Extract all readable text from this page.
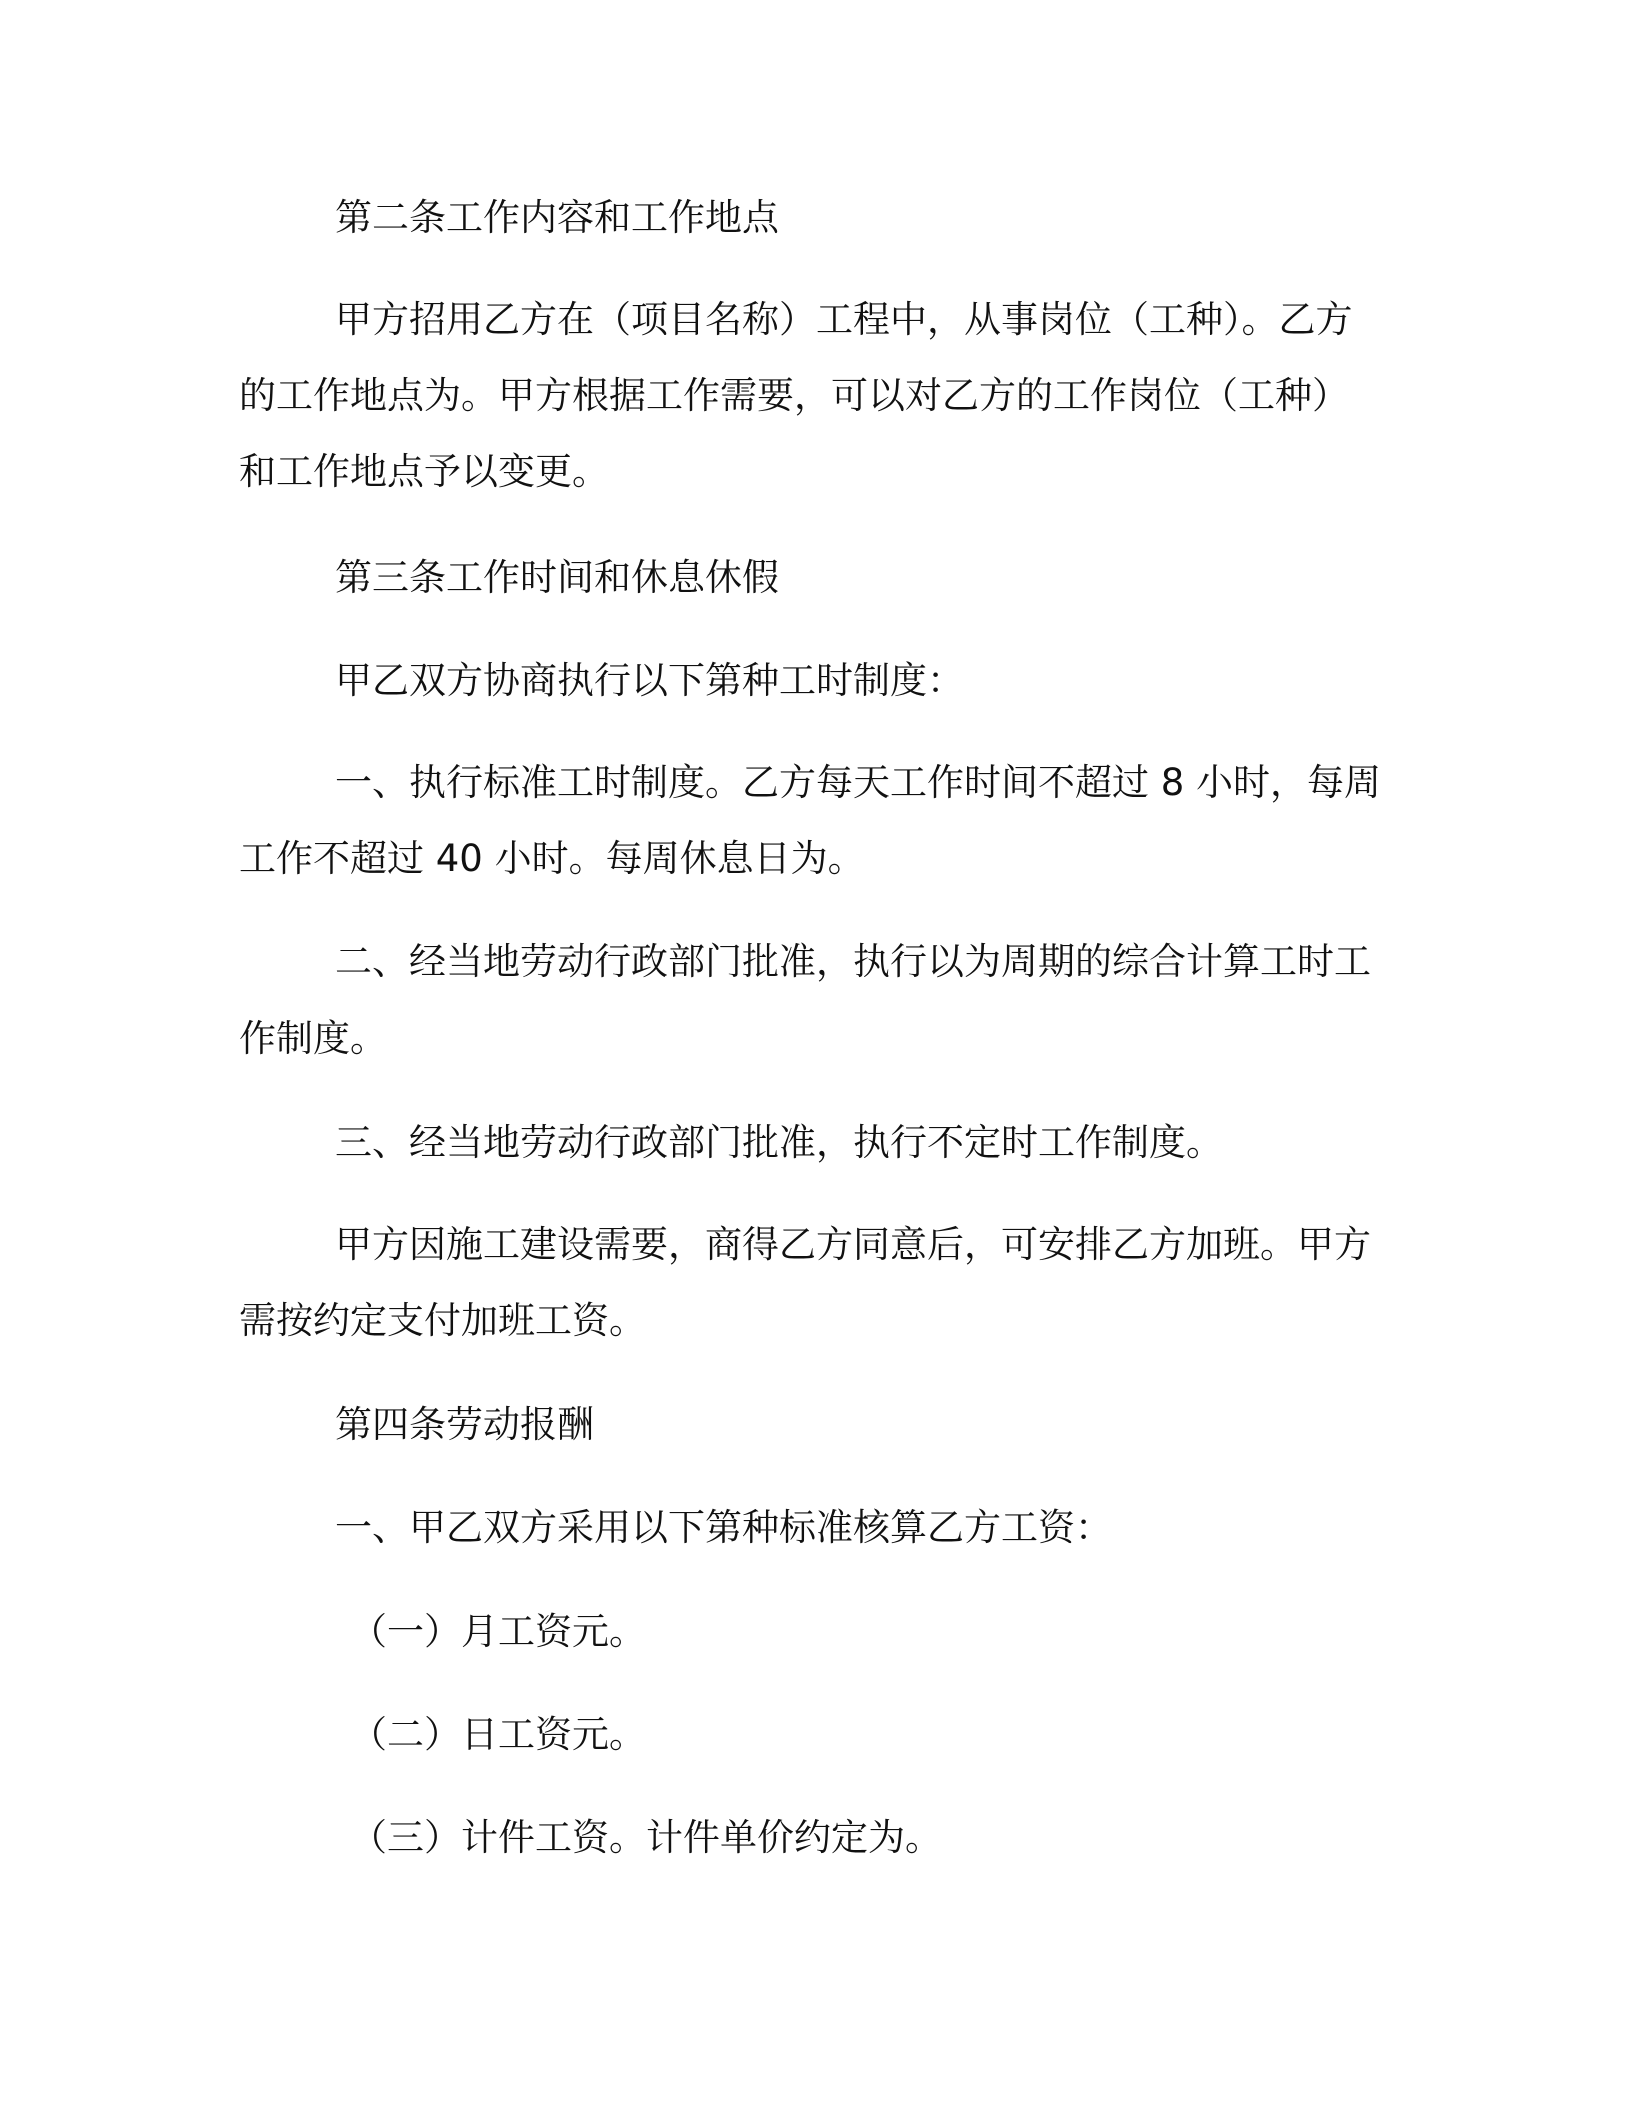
第二条工作内容和工作地点
甲方招用乙方在（项目名称）工程中，从事岗位（工种）。乙方
的工作地点为。甲方根据工作需要，可以对乙方的工作岗位（工种）
和工作地点予以变更。
第三条工作时间和休息休假
甲乙双方协商执行以下第种工时制度：
一、执行标准工时制度。乙方每天工作时间不超过 8 小时，每周
工作不超过 40 小时。每周休息日为。
二、经当地劳动行政部门批准，执行以为周期的综合计算工时工
作制度。
三、经当地劳动行政部门批准，执行不定时工作制度。
甲方因施工建设需要，商得乙方同意后，可安排乙方加班。甲方
需按约定支付加班工资。
第四条劳动报酬
一、甲乙双方采用以下第种标准核算乙方工资：
（一）月工资元。
（二）日工资元。
（三）计件工资。计件单价约定为。
